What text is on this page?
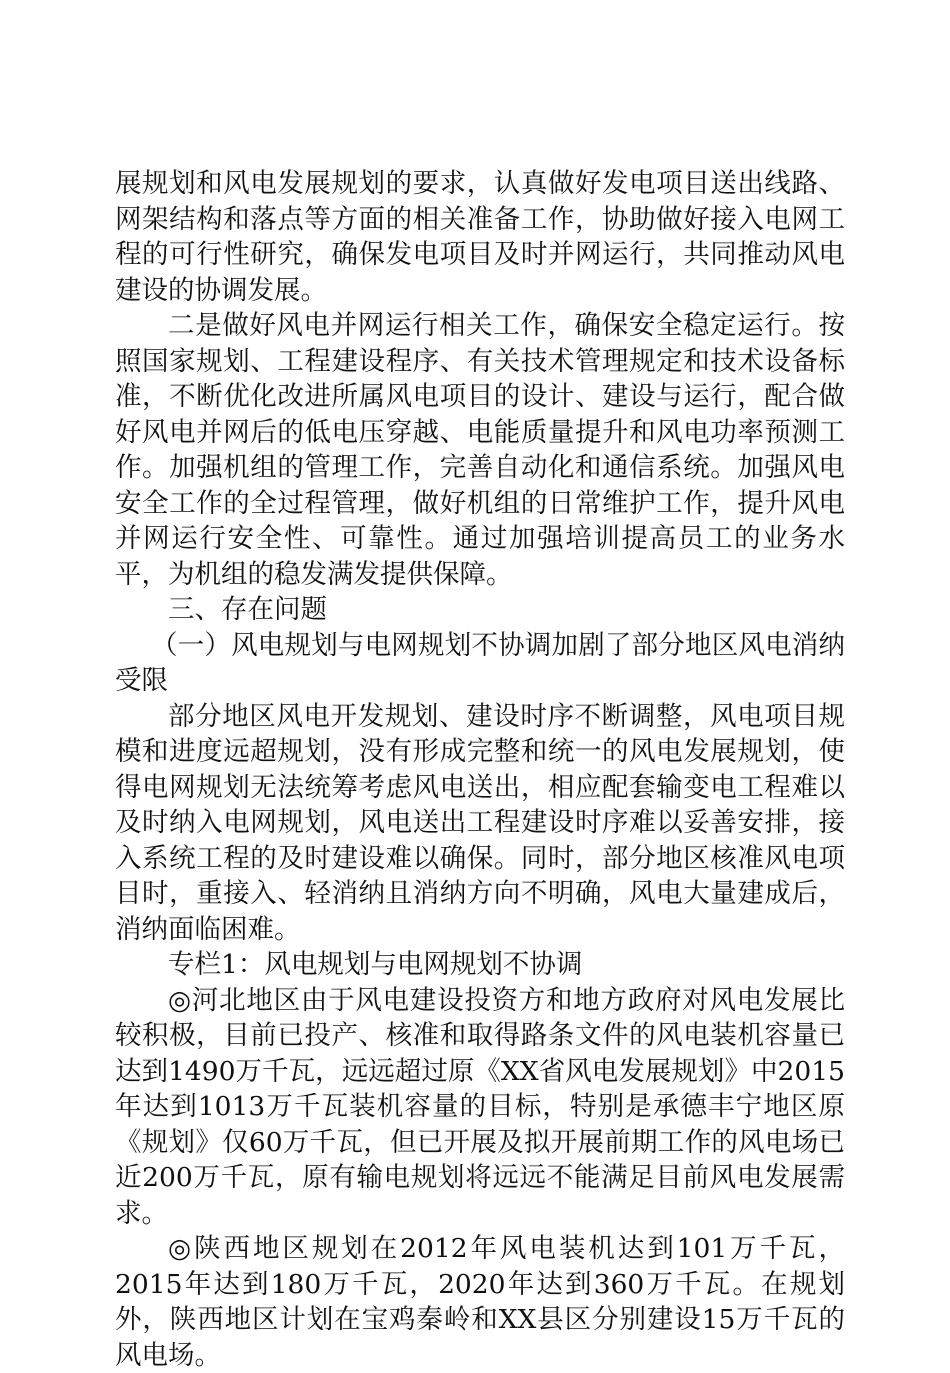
展规划和风电发展规划的要求，认真做好发电项目送出线路、网架结构和落点等方面的相关准备工作，协助做好接入电网工程的可行性研究，确保发电项目及时并网运行，共同推动风电建设的协调发展。

二是做好风电并网运行相关工作，确保安全稳定运行。按照国家规划、工程建设程序、有关技术管理规定和技术设备标准，不断优化改进所属风电项目的设计、建设与运行，配合做好风电并网后的低电压穿越、电能质量提升和风电功率预测工作。加强机组的管理工作，完善自动化和通信系统。加强风电安全工作的全过程管理，做好机组的日常维护工作，提升风电并网运行安全性、可靠性。通过加强培训提高员工的业务水平，为机组的稳发满发提供保障。

三、存在问题

（一）风电规划与电网规划不协调加剧了部分地区风电消纳受限

部分地区风电开发规划、建设时序不断调整，风电项目规模和进度远超规划，没有形成完整和统一的风电发展规划，使得电网规划无法统筹考虑风电送出，相应配套输变电工程难以及时纳入电网规划，风电送出工程建设时序难以妥善安排，接入系统工程的及时建设难以确保。同时，部分地区核准风电项目时，重接入、轻消纳且消纳方向不明确，风电大量建成后，消纳面临困难。

专栏1：风电规划与电网规划不协调

◎河北地区由于风电建设投资方和地方政府对风电发展比较积极，目前已投产、核准和取得路条文件的风电装机容量已达到1490万千瓦，远远超过原《XX省风电发展规划》中2015年达到1013万千瓦装机容量的目标，特别是承德丰宁地区原《规划》仅60万千瓦，但已开展及拟开展前期工作的风电场已近200万千瓦，原有输电规划将远远不能满足目前风电发展需求。

◎陕西地区规划在2012年风电装机达到101万千瓦，2015年达到180万千瓦，2020年达到360万千瓦。在规划外，陕西地区计划在宝鸡秦岭和XX县区分别建设15万千瓦的风电场。
